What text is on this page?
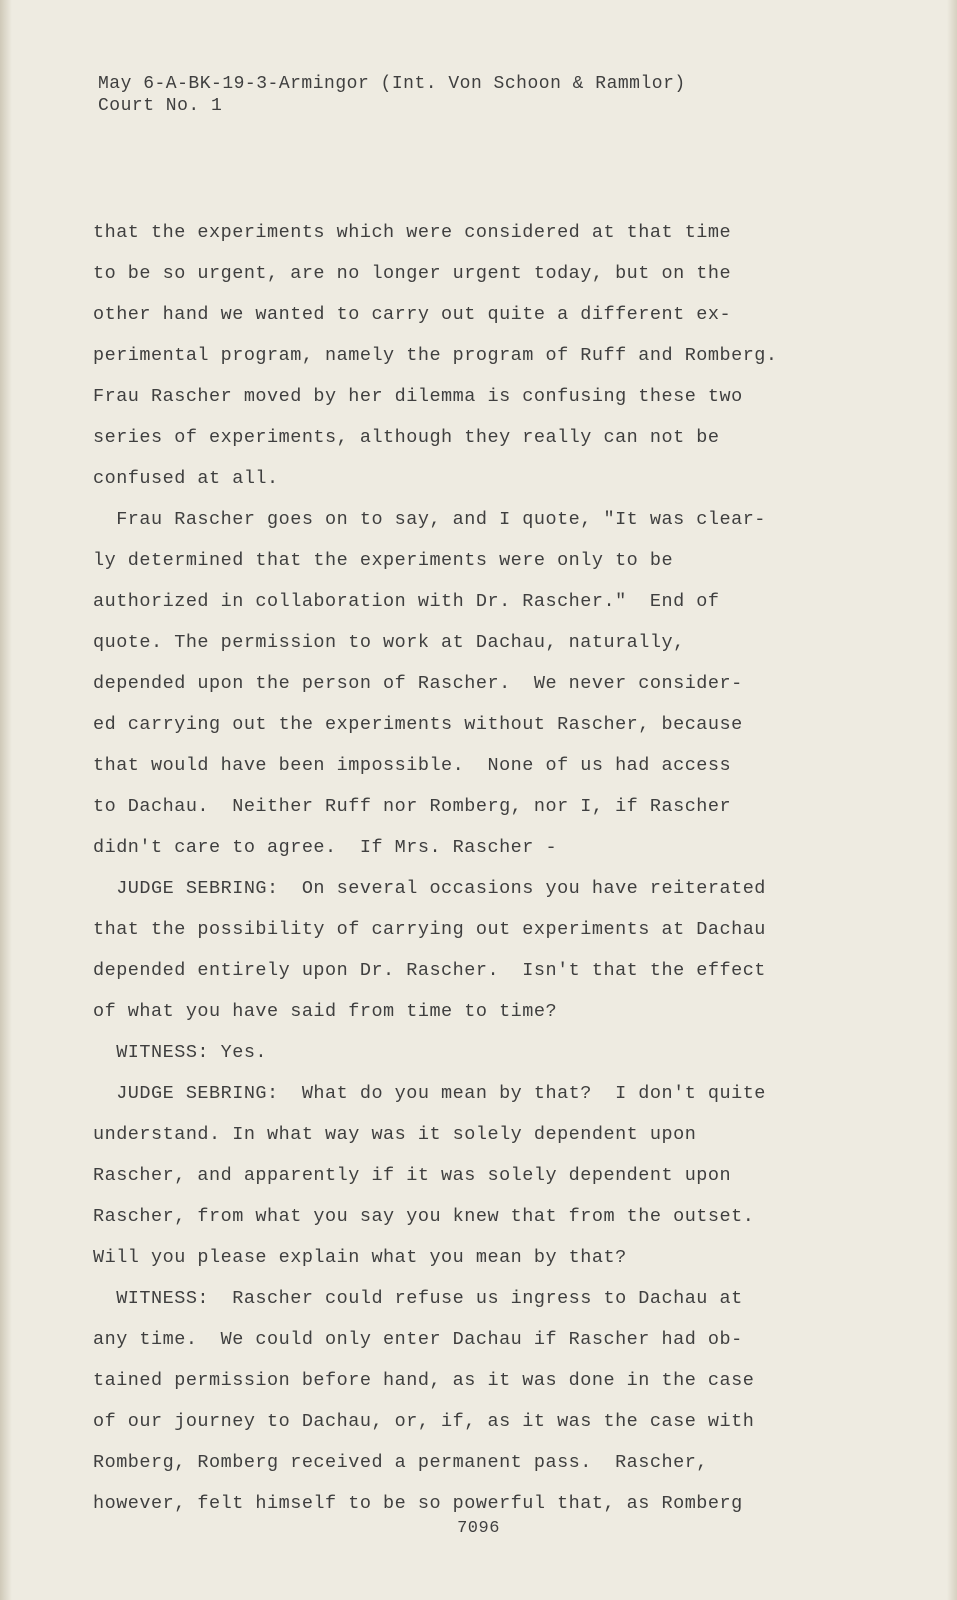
May 6-A-BK-19-3-Armingor (Int. Von Schoon & Rammlor)
Court No. 1
that the experiments which were considered at that time
to be so urgent, are no longer urgent today, but on the
other hand we wanted to carry out quite a different ex-
perimental program, namely the program of Ruff and Romberg.
Frau Rascher moved by her dilemma is confusing these two
series of experiments, although they really can not be
confused at all.
Frau Rascher goes on to say, and I quote, "It was clear-
ly determined that the experiments were only to be
authorized in collaboration with Dr. Rascher."  End of
quote. The permission to work at Dachau, naturally,
depended upon the person of Rascher.  We never consider-
ed carrying out the experiments without Rascher, because
that would have been impossible.  None of us had access
to Dachau.  Neither Ruff nor Romberg, nor I, if Rascher
didn't care to agree.  If Mrs. Rascher -
JUDGE SEBRING:  On several occasions you have reiterated
that the possibility of carrying out experiments at Dachau
depended entirely upon Dr. Rascher.  Isn't that the effect
of what you have said from time to time?
WITNESS: Yes.
JUDGE SEBRING:  What do you mean by that?  I don't quite
understand. In what way was it solely dependent upon
Rascher, and apparently if it was solely dependent upon
Rascher, from what you say you knew that from the outset.
Will you please explain what you mean by that?
WITNESS:  Rascher could refuse us ingress to Dachau at
any time.  We could only enter Dachau if Rascher had ob-
tained permission before hand, as it was done in the case
of our journey to Dachau, or, if, as it was the case with
Romberg, Romberg received a permanent pass.  Rascher,
however, felt himself to be so powerful that, as Romberg
7096
